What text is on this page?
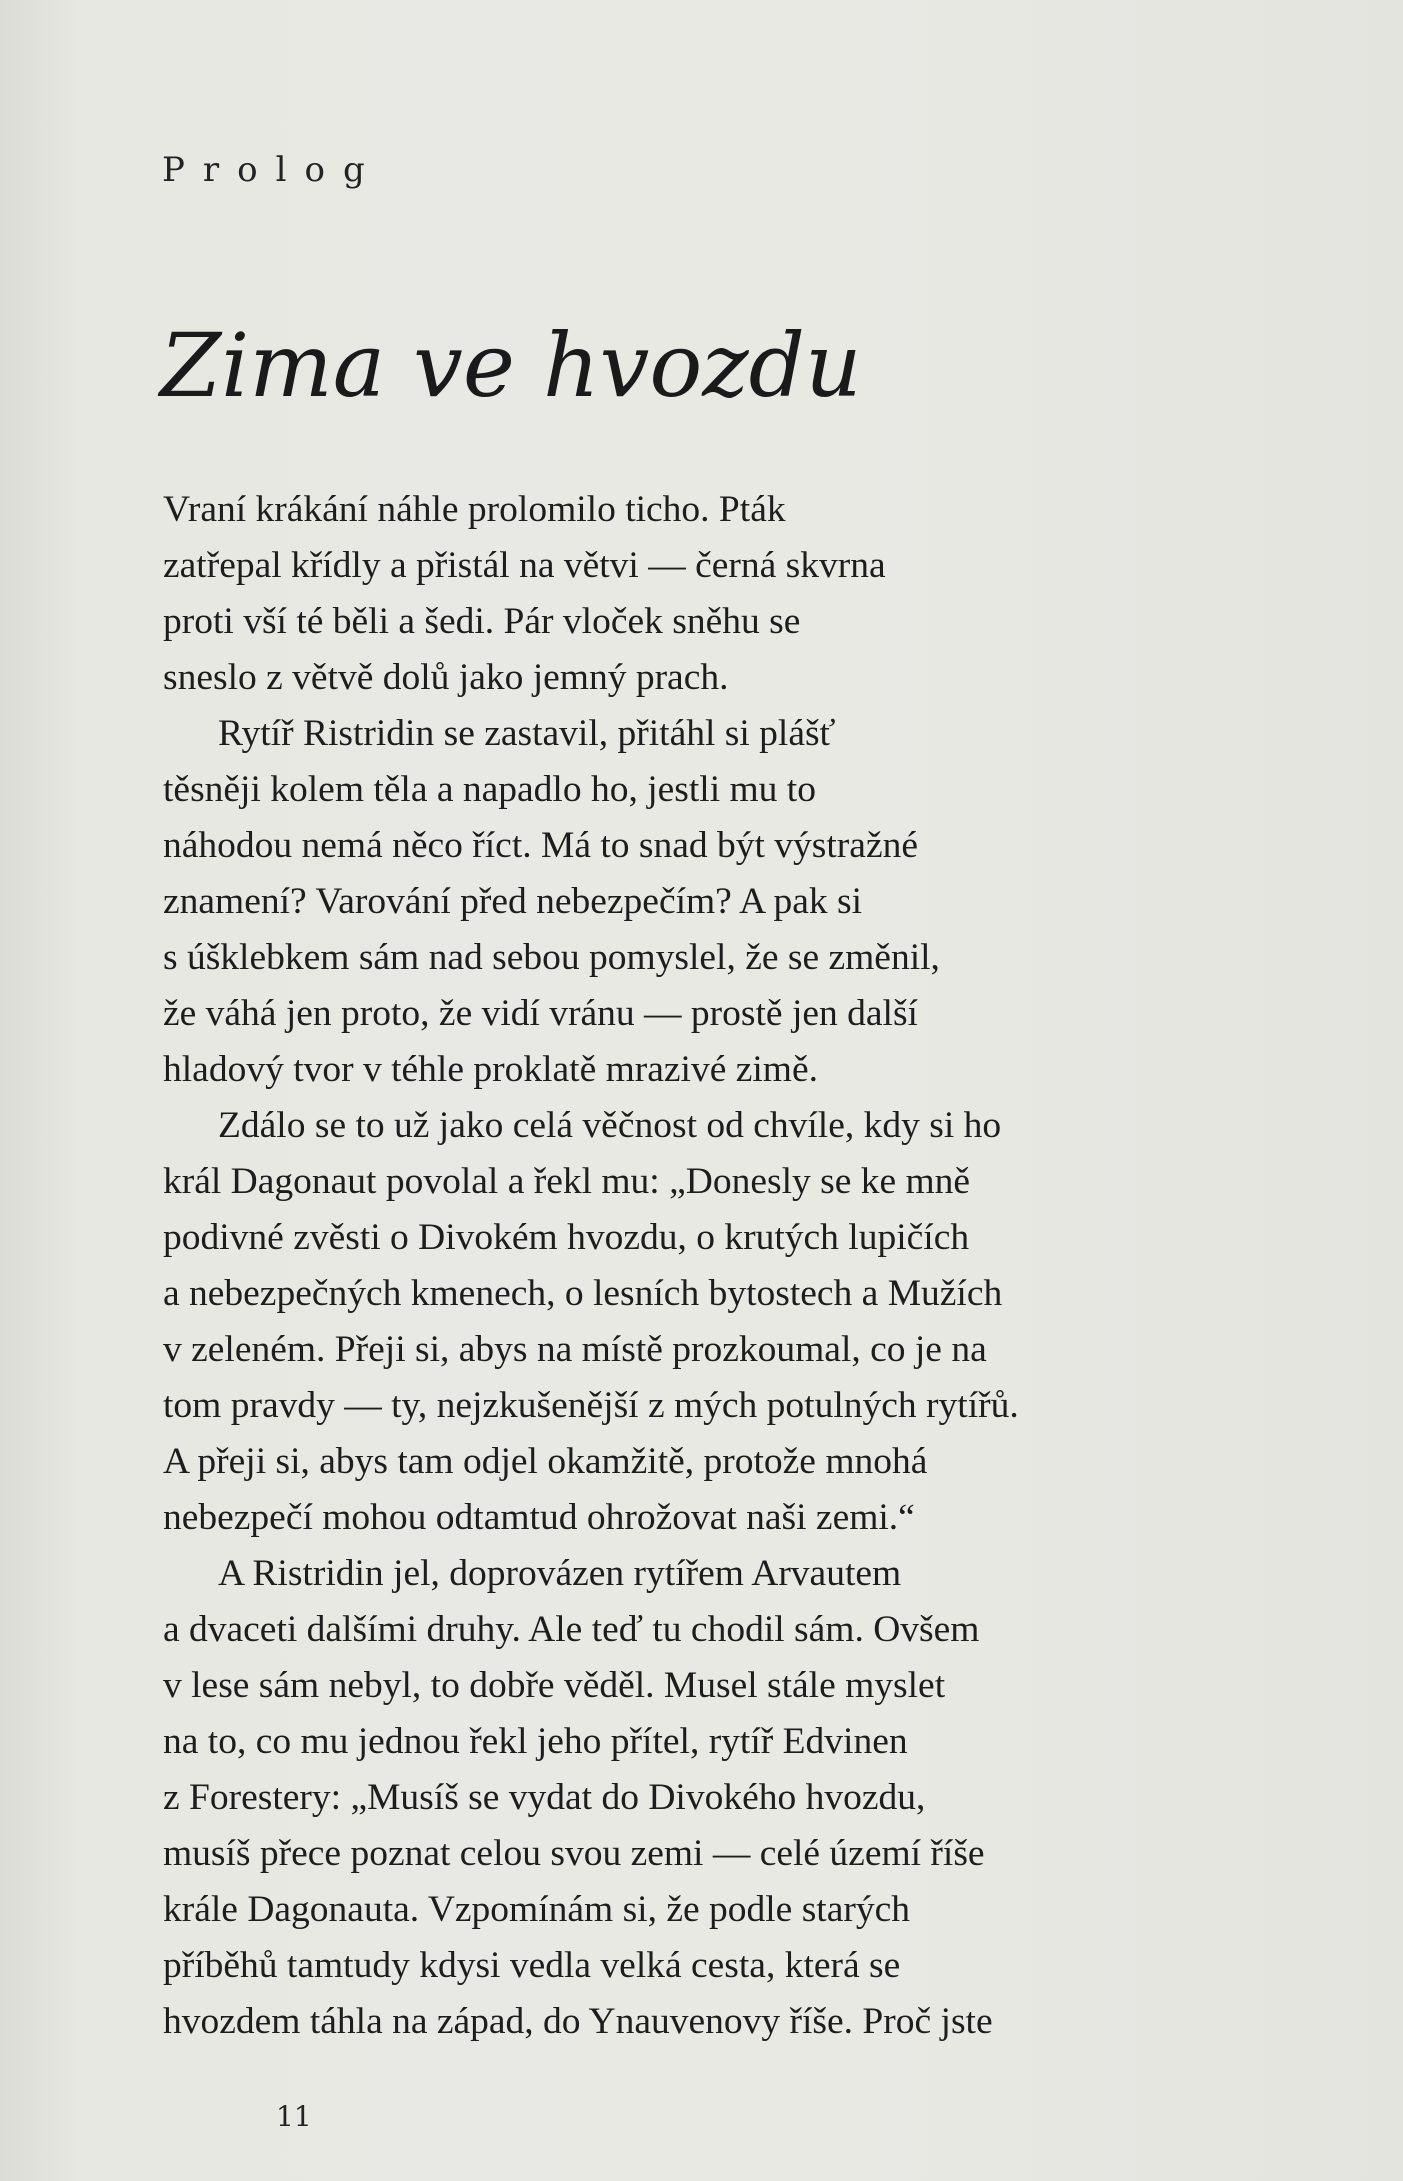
Prolog

Zima ve hvozdu
Vraní krákání náhle prolomilo ticho. Pták
zatřepal křídly a přistál na větvi — černá skvrna
proti vší té běli a šedi. Pár vloček sněhu se
sneslo z větvě dolů jako jemný prach.
Rytíř Ristridin se zastavil, přitáhl si plášť
těsněji kolem těla a napadlo ho, jestli mu to
náhodou nemá něco říct. Má to snad být výstražné
znamení? Varování před nebezpečím? A pak si
s úšklebkem sám nad sebou pomyslel, že se změnil,
že váhá jen proto, že vidí vránu — prostě jen další
hladový tvor v téhle proklatě mrazivé zimě.
Zdálo se to už jako celá věčnost od chvíle, kdy si ho
král Dagonaut povolal a řekl mu: „Donesly se ke mně
podivné zvěsti o Divokém hvozdu, o krutých lupičích
a nebezpečných kmenech, o lesních bytostech a Mužích
v zeleném. Přeji si, abys na místě prozkoumal, co je na
tom pravdy — ty, nejzkušenější z mých potulných rytířů.
A přeji si, abys tam odjel okamžitě, protože mnohá
nebezpečí mohou odtamtud ohrožovat naši zemi.“
A Ristridin jel, doprovázen rytířem Arvautem
a dvaceti dalšími druhy. Ale teď tu chodil sám. Ovšem
v lese sám nebyl, to dobře věděl. Musel stále myslet
na to, co mu jednou řekl jeho přítel, rytíř Edvinen
z Forestery: „Musíš se vydat do Divokého hvozdu,
musíš přece poznat celou svou zemi — celé území říše
krále Dagonauta. Vzpomínám si, že podle starých
příběhů tamtudy kdysi vedla velká cesta, která se
hvozdem táhla na západ, do Ynauvenovy říše. Proč jste

11
